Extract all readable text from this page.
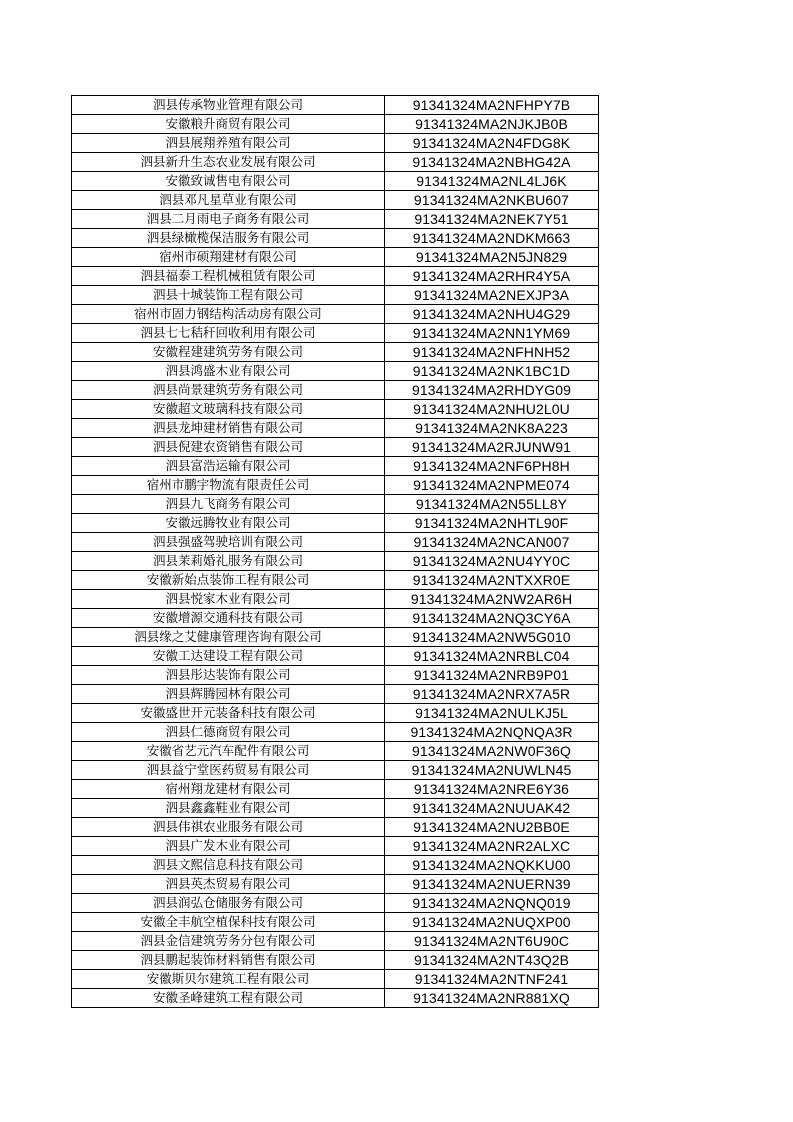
泗县传承物业管理有限公司	91341324MA2NFHPY7B
安徽粮升商贸有限公司	91341324MA2NJKJB0B
泗县展翔养殖有限公司	91341324MA2N4FDG8K
泗县新升生态农业发展有限公司	91341324MA2NBHG42A
安徽致诚售电有限公司	91341324MA2NL4LJ6K
泗县邓凡星草业有限公司	91341324MA2NKBU607
泗县二月雨电子商务有限公司	91341324MA2NEK7Y51
泗县绿橄榄保洁服务有限公司	91341324MA2NDKM663
宿州市硕翔建材有限公司	91341324MA2N5JN829
泗县福泰工程机械租赁有限公司	91341324MA2RHR4Y5A
泗县十城装饰工程有限公司	91341324MA2NEXJP3A
宿州市固力钢结构活动房有限公司	91341324MA2NHU4G29
泗县七七秸秆回收利用有限公司	91341324MA2NN1YM69
安徽程建建筑劳务有限公司	91341324MA2NFHNH52
泗县鸿盛木业有限公司	91341324MA2NK1BC1D
泗县尚景建筑劳务有限公司	91341324MA2RHDYG09
安徽超文玻璃科技有限公司	91341324MA2NHU2L0U
泗县龙坤建材销售有限公司	91341324MA2NK8A223
泗县倪建农资销售有限公司	91341324MA2RJUNW91
泗县富浩运输有限公司	91341324MA2NF6PH8H
宿州市鹏宇物流有限责任公司	91341324MA2NPME074
泗县九飞商务有限公司	91341324MA2N55LL8Y
安徽远腾牧业有限公司	91341324MA2NHTL90F
泗县强盛驾驶培训有限公司	91341324MA2NCAN007
泗县茉莉婚礼服务有限公司	91341324MA2NU4YY0C
安徽新始点装饰工程有限公司	91341324MA2NTXXR0E
泗县悦家木业有限公司	91341324MA2NW2AR6H
安徽增源交通科技有限公司	91341324MA2NQ3CY6A
泗县缘之艾健康管理咨询有限公司	91341324MA2NW5G010
安徽工达建设工程有限公司	91341324MA2NRBLC04
泗县彤达装饰有限公司	91341324MA2NRB9P01
泗县辉腾园林有限公司	91341324MA2NRX7A5R
安徽盛世开元装备科技有限公司	91341324MA2NULKJ5L
泗县仁德商贸有限公司	91341324MA2NQNQA3R
安徽省艺元汽车配件有限公司	91341324MA2NW0F36Q
泗县益宁堂医药贸易有限公司	91341324MA2NUWLN45
宿州翔龙建材有限公司	91341324MA2NRE6Y36
泗县鑫鑫鞋业有限公司	91341324MA2NUUAK42
泗县伟祺农业服务有限公司	91341324MA2NU2BB0E
泗县广发木业有限公司	91341324MA2NR2ALXC
泗县文熙信息科技有限公司	91341324MA2NQKKU00
泗县英杰贸易有限公司	91341324MA2NUERN39
泗县润弘仓储服务有限公司	91341324MA2NQNQ019
安徽全丰航空植保科技有限公司	91341324MA2NUQXP00
泗县金信建筑劳务分包有限公司	91341324MA2NT6U90C
泗县鹏起装饰材料销售有限公司	91341324MA2NT43Q2B
安徽斯贝尔建筑工程有限公司	91341324MA2NTNF241
安徽圣峰建筑工程有限公司	91341324MA2NR881XQ
